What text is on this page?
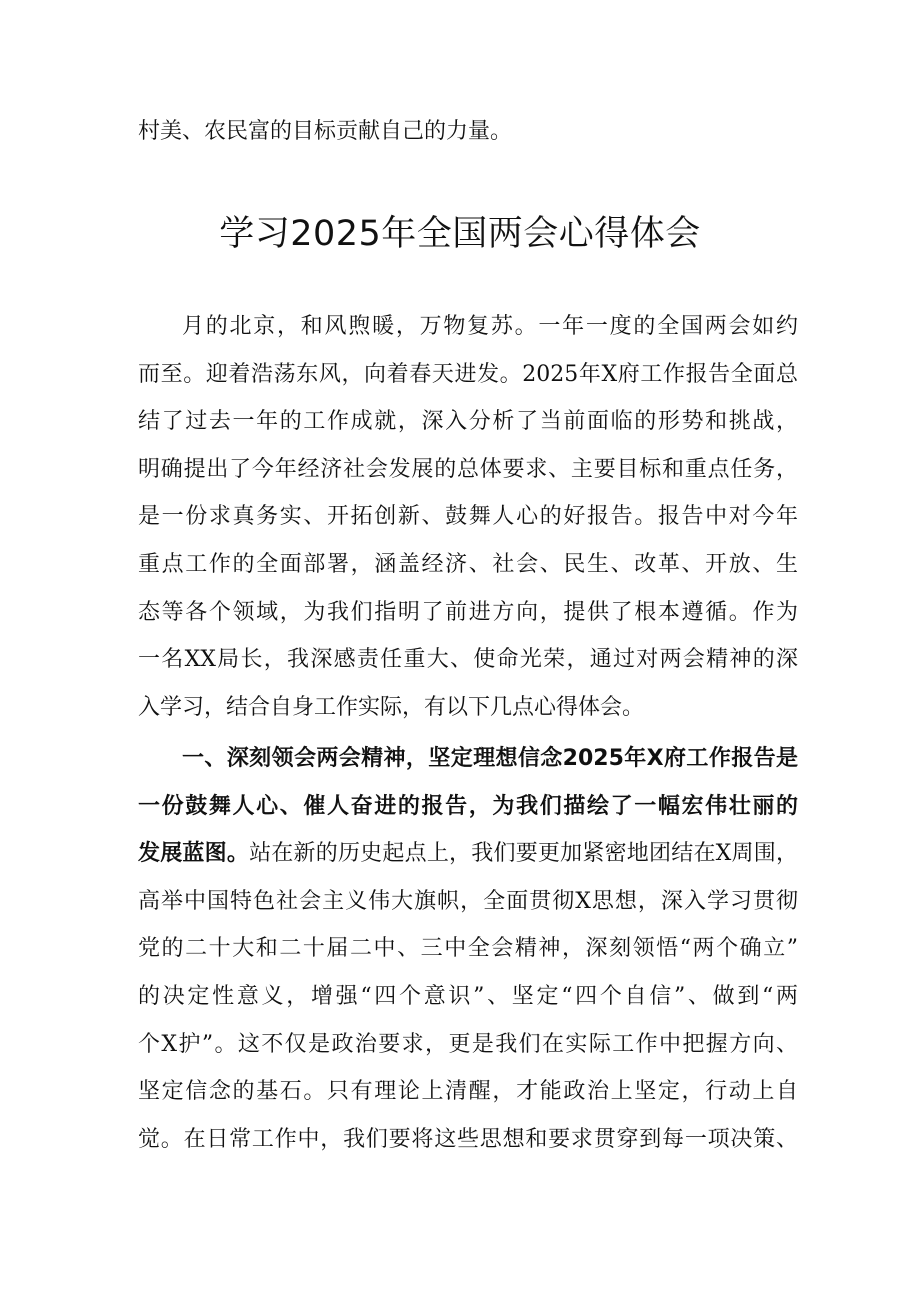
村美、农民富的目标贡献自己的力量。
学习2025年全国两会心得体会
月的北京，和风煦暖，万物复苏。一年一度的全国两会如约
而至。迎着浩荡东风，向着春天进发。2025年X府工作报告全面总
结了过去一年的工作成就，深入分析了当前面临的形势和挑战，
明确提出了今年经济社会发展的总体要求、主要目标和重点任务，
是一份求真务实、开拓创新、鼓舞人心的好报告。报告中对今年
重点工作的全面部署，涵盖经济、社会、民生、改革、开放、生
态等各个领域，为我们指明了前进方向，提供了根本遵循。作为
一名XX局长，我深感责任重大、使命光荣，通过对两会精神的深
入学习，结合自身工作实际，有以下几点心得体会。
一、深刻领会两会精神，坚定理想信念2025年X府工作报告是
一份鼓舞人心、催人奋进的报告，为我们描绘了一幅宏伟壮丽的
发展蓝图。站在新的历史起点上，我们要更加紧密地团结在X周围，
高举中国特色社会主义伟大旗帜，全面贯彻X思想，深入学习贯彻
党的二十大和二十届二中、三中全会精神，深刻领悟“两个确立”
的决定性意义，增强“四个意识”、坚定“四个自信”、做到“两
个X护”。这不仅是政治要求，更是我们在实际工作中把握方向、
坚定信念的基石。只有理论上清醒，才能政治上坚定，行动上自
觉。在日常工作中，我们要将这些思想和要求贯穿到每一项决策、
